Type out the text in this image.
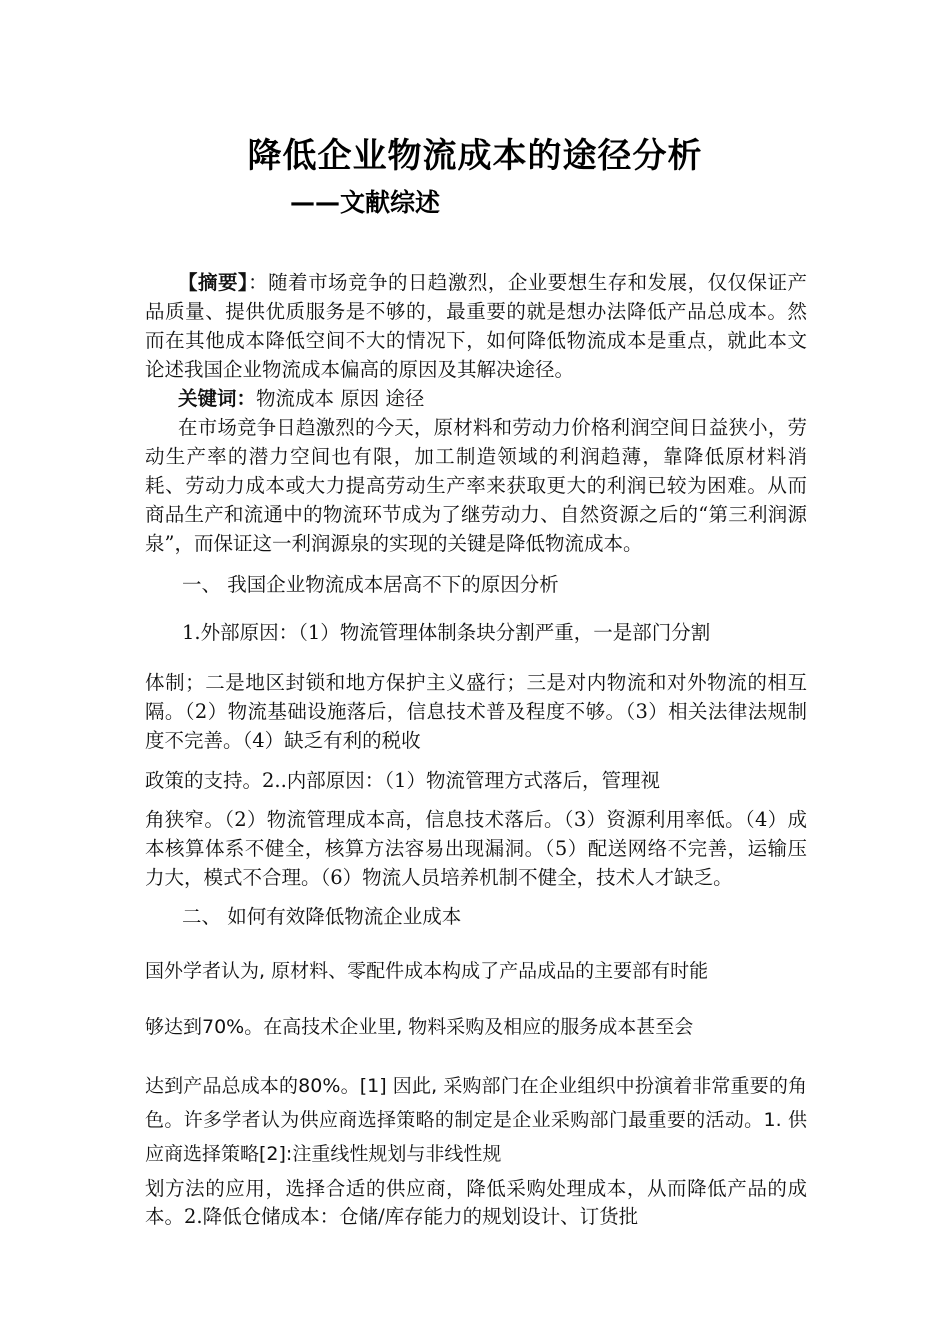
降低企业物流成本的途径分析
——文献综述

【摘要】：随着市场竞争的日趋激烈，企业要想生存和发展，仅仅保证产品质量、提供优质服务是不够的，最重要的就是想办法降低产品总成本。然而在其他成本降低空间不大的情况下，如何降低物流成本是重点，就此本文论述我国企业物流成本偏高的原因及其解决途径。

关键词：物流成本 原因 途径

在市场竞争日趋激烈的今天，原材料和劳动力价格利润空间日益狭小，劳动生产率的潜力空间也有限，加工制造领域的利润趋薄，靠降低原材料消耗、劳动力成本或大力提高劳动生产率来获取更大的利润已较为困难。从而商品生产和流通中的物流环节成为了继劳动力、自然资源之后的“第三利润源泉”，而保证这一利润源泉的实现的关键是降低物流成本。

一、 我国企业物流成本居高不下的原因分析

1.外部原因：（1）物流管理体制条块分割严重，一是部门分割

体制；二是地区封锁和地方保护主义盛行；三是对内物流和对外物流的相互隔。（2）物流基础设施落后，信息技术普及程度不够。（3）相关法律法规制度不完善。（4）缺乏有利的税收

政策的支持。2..内部原因：（1）物流管理方式落后，管理视

角狭窄。（2）物流管理成本高，信息技术落后。（3）资源利用率低。（4）成本核算体系不健全，核算方法容易出现漏洞。（5）配送网络不完善，运输压力大，模式不合理。（6）物流人员培养机制不健全，技术人才缺乏。

二、 如何有效降低物流企业成本

国外学者认为, 原材料、零配件成本构成了产品成品的主要部有时能

够达到70%。在高技术企业里, 物料采购及相应的服务成本甚至会

达到产品总成本的80%。[1] 因此, 采购部门在企业组织中扮演着非常重要的角色。许多学者认为供应商选择策略的制定是企业采购部门最重要的活动。1. 供应商选择策略[2]:注重线性规划与非线性规

划方法的应用，选择合适的供应商，降低采购处理成本，从而降低产品的成本。2.降低仓储成本：仓储/库存能力的规划设计、订货批
